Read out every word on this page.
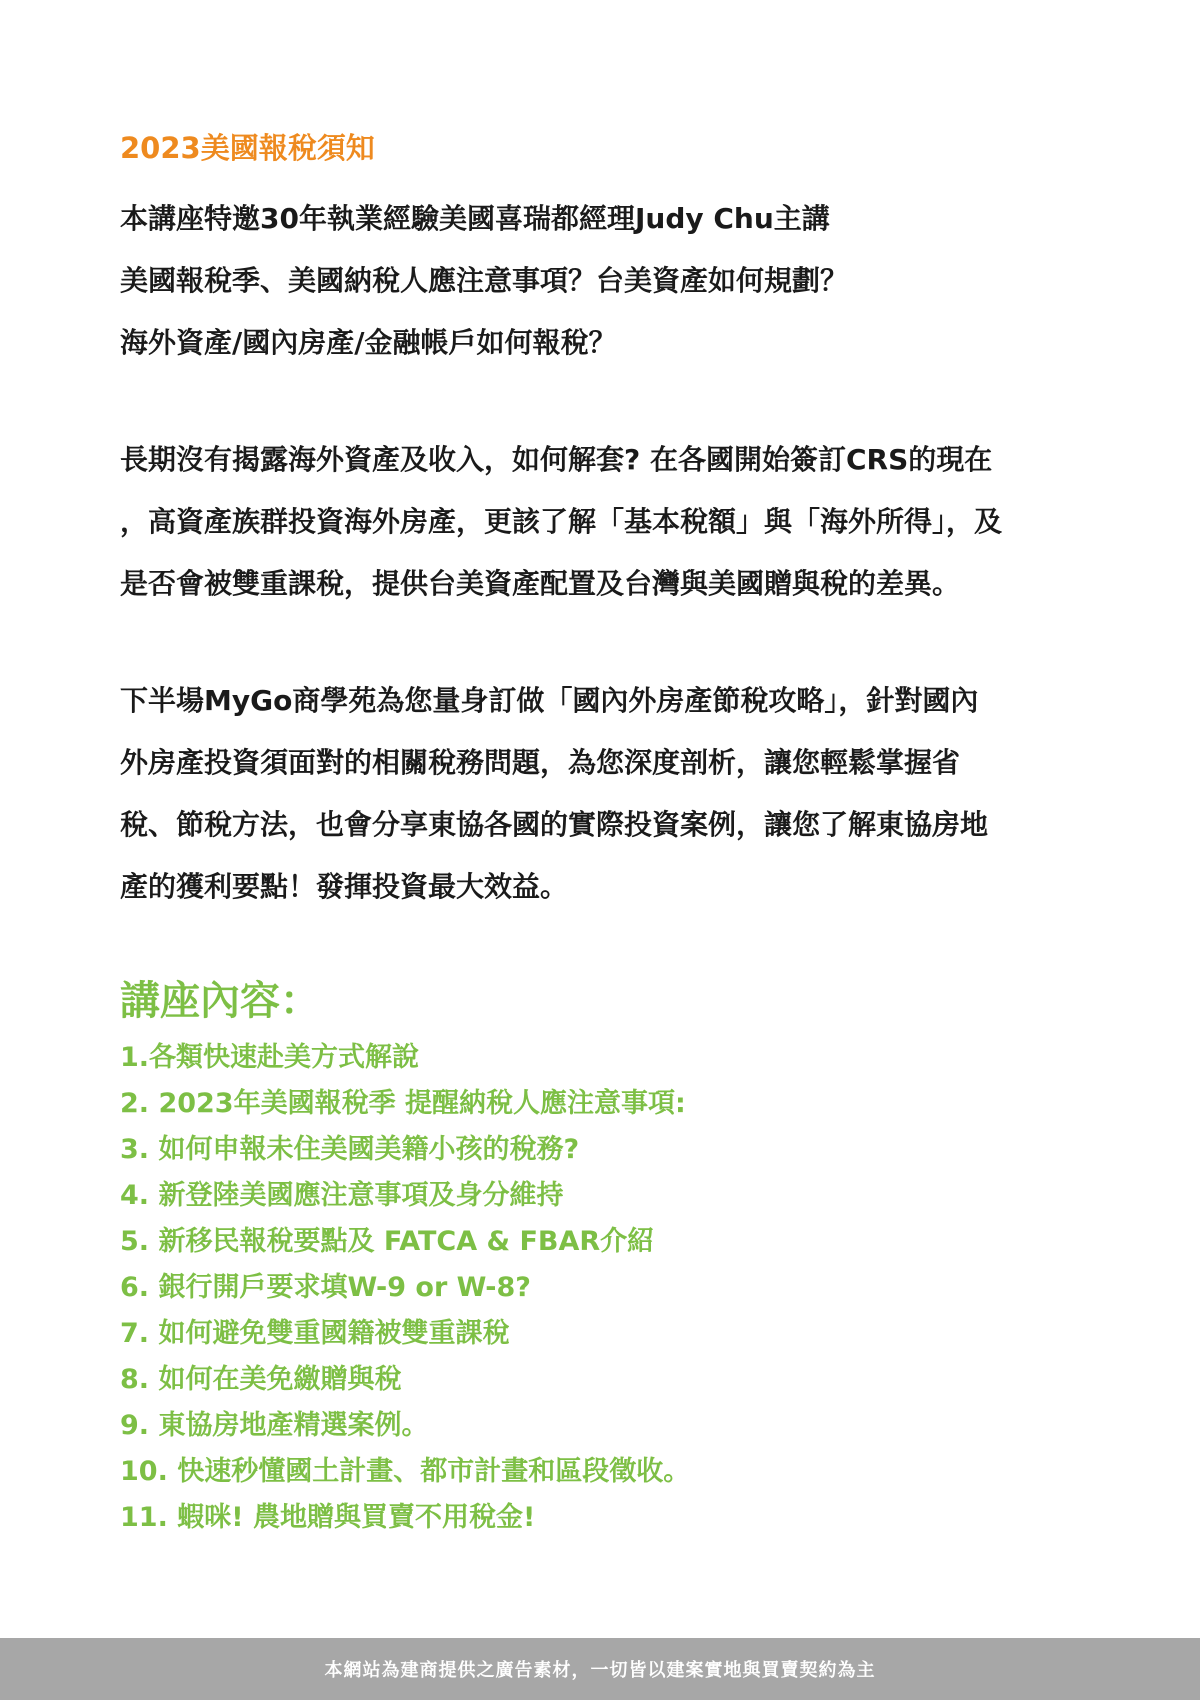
2023美國報稅須知

本講座特邀30年執業經驗美國喜瑞都經理Judy Chu主講

美國報稅季、美國納稅人應注意事項？台美資產如何規劃？

海外資產/國內房產/金融帳戶如何報稅？

長期沒有揭露海外資產及收入，如何解套? 在各國開始簽訂CRS的現在

，高資產族群投資海外房產，更該了解「基本稅額」與「海外所得」，及

是否會被雙重課稅，提供台美資產配置及台灣與美國贈與稅的差異。

下半場MyGo商學苑為您量身訂做「國內外房產節稅攻略」，針對國內

外房產投資須面對的相關稅務問題，為您深度剖析，讓您輕鬆掌握省

稅、節稅方法，也會分享東協各國的實際投資案例，讓您了解東協房地

產的獲利要點！發揮投資最大效益。

講座內容：
1.各類快速赴美方式解說
2. 2023年美國報稅季 提醒納稅人應注意事項:
3. 如何申報未住美國美籍小孩的稅務?
4. 新登陸美國應注意事項及身分維持
5. 新移民報稅要點及 FATCA & FBAR介紹
6. 銀行開戶要求填W-9 or W-8?
7. 如何避免雙重國籍被雙重課稅
8. 如何在美免繳贈與稅
9. 東協房地產精選案例。
10. 快速秒懂國土計畫、都市計畫和區段徵收。
11. 蝦咪! 農地贈與買賣不用稅金!
本網站為建商提供之廣告素材，一切皆以建案實地與買賣契約為主
